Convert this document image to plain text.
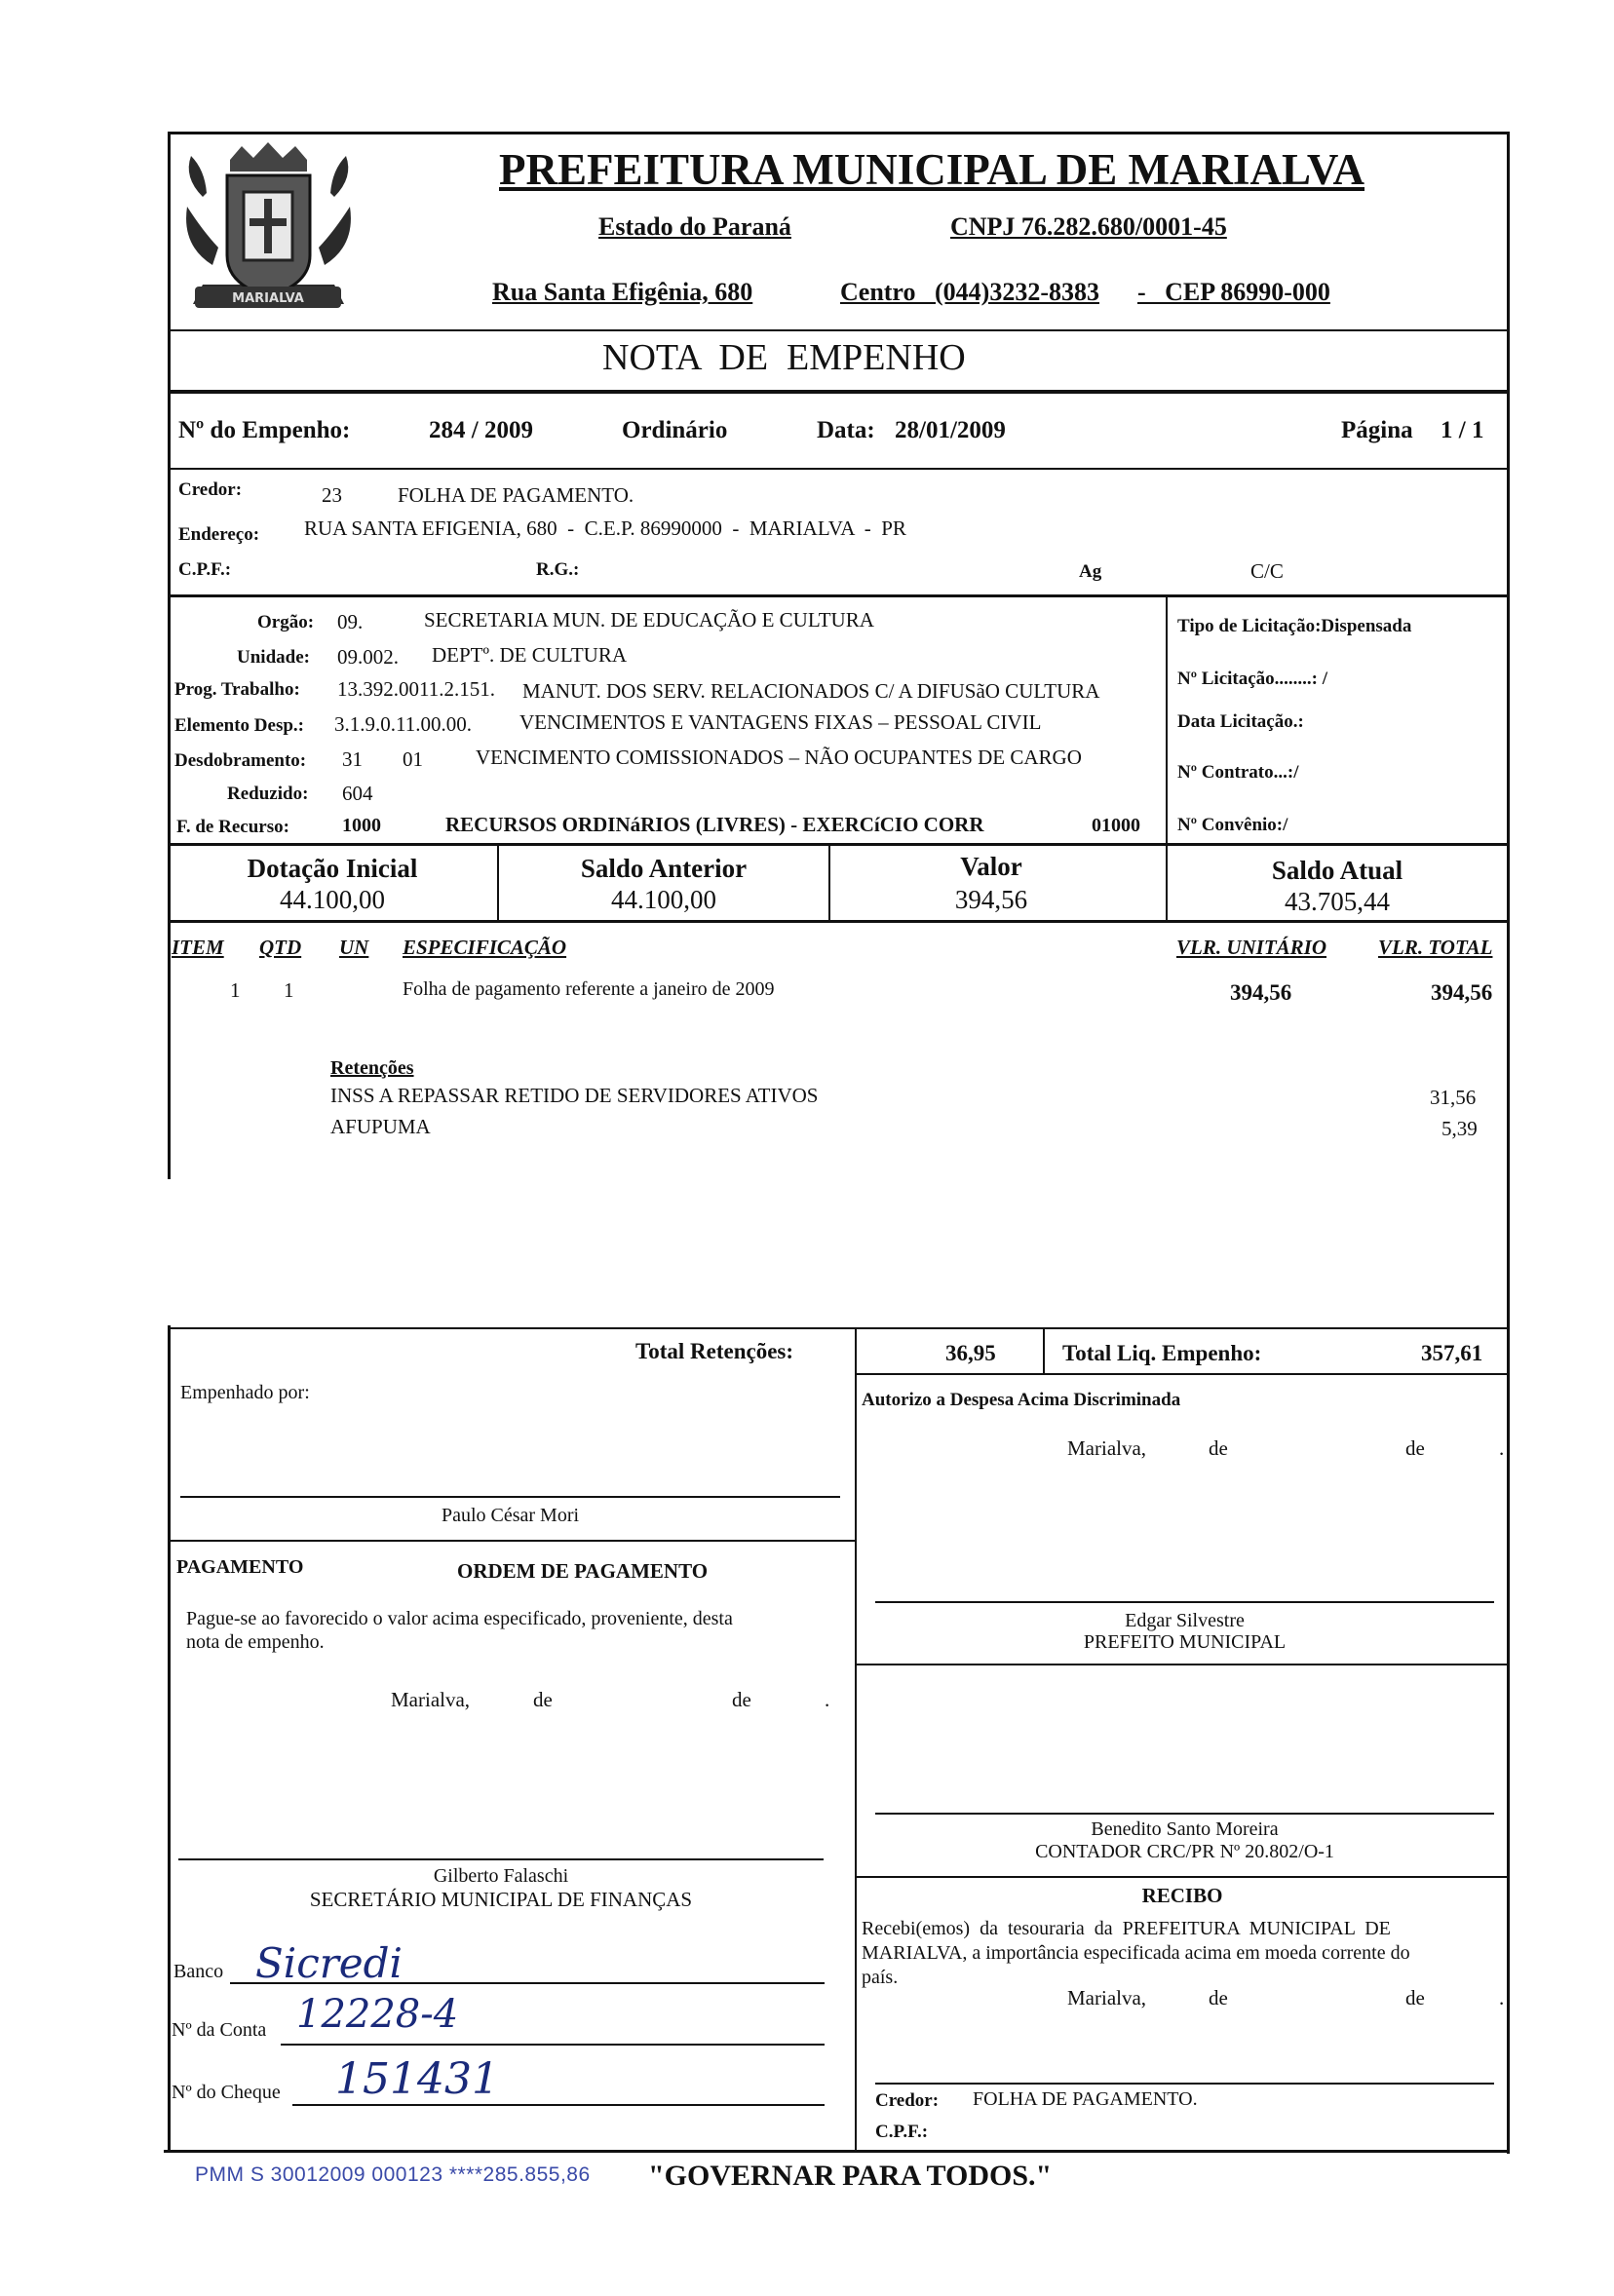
MARIALVA
PREFEITURA MUNICIPAL DE MARIALVA
Estado do Paraná	CNPJ 76.282.680/0001-45
Rua Santa Efigênia, 680	Centro   (044)3232-8383 -   CEP 86990-000
NOTA  DE  EMPENHO
Nº do Empenho:	284 / 2009	Ordinário	Data: 28/01/2009	Página 1 / 1
Credor:	23	FOLHA DE PAGAMENTO.
Endereço: RUA SANTA EFIGENIA, 680  -  C.E.P. 86990000  -  MARIALVA  -  PR
C.P.F.:	R.G.:	Ag	C/C
Orgão: 09.	SECRETARIA MUN. DE EDUCAÇÃO E CULTURA
Unidade: 09.002. DEPTº. DE CULTURA
Prog. Trabalho: 13.392.0011.2.151. MANUT. DOS SERV. RELACIONADOS C/ A DIFUSãO CULTURA
Elemento Desp.: 3.1.9.0.11.00.00. VENCIMENTOS E VANTAGENS FIXAS – PESSOAL CIVIL
Desdobramento: 31 01	VENCIMENTO COMISSIONADOS – NÃO OCUPANTES DE CARGO
Reduzido: 604
F. de Recurso:	1000	RECURSOS ORDINáRIOS (LIVRES) - EXERCíCIO CORR	01000
Tipo de Licitação:Dispensada
Nº Licitação........: /
Data Licitação.:
Nº Contrato...:/
Nº Convênio:/
Dotação Inicial
44.100,00
Saldo Anterior
44.100,00
Valor
394,56
Saldo Atual
43.705,44
ITEM QTD UN ESPECIFICAÇÃO	VLR. UNITÁRIO	VLR. TOTAL
1 1	Folha de pagamento referente a janeiro de 2009	394,56	394,56
Retenções
INSS A REPASSAR RETIDO DE SERVIDORES ATIVOS	31,56
AFUPUMA	5,39
Total Retenções:	36,95	Total Liq. Empenho:	357,61
Empenhado por:
Paulo César Mori
Autorizo a Despesa Acima Discriminada
Marialva,	de	de	.
Edgar Silvestre
PREFEITO MUNICIPAL
PAGAMENTO	ORDEM DE PAGAMENTO
Pague-se ao favorecido o valor acima especificado, proveniente, desta
nota de empenho.
Marialva,	de	de	.
Gilberto Falaschi
SECRETÁRIO MUNICIPAL DE FINANÇAS
Benedito Santo Moreira
CONTADOR CRC/PR Nº 20.802/O-1
Banco Sicredi
Nº da Conta 12228-4
Nº do Cheque 151431
RECIBO
Recebi(emos)  da  tesouraria  da  PREFEITURA  MUNICIPAL  DE
MARIALVA, a importância especificada acima em moeda corrente do
país.
Marialva,	de	de	.
Credor: FOLHA DE PAGAMENTO.
C.P.F.:
PMM S 30012009 000123 ****285.855,86 "GOVERNAR PARA TODOS."
